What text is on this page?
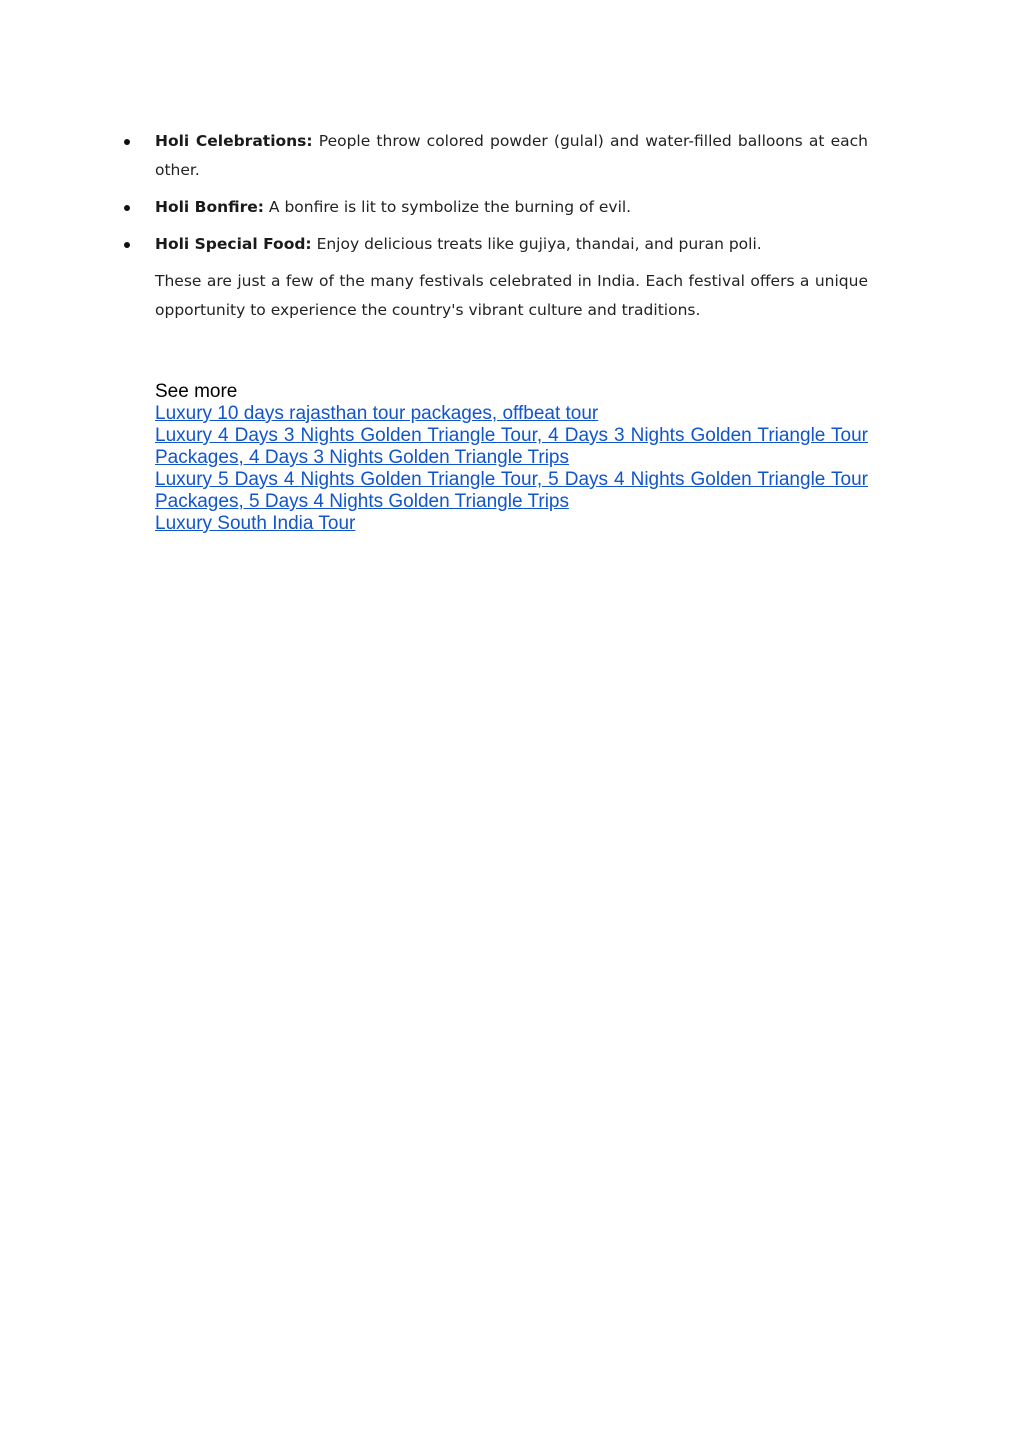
Holi Celebrations: People throw colored powder (gulal) and water-filled balloons at each other.
Holi Bonfire: A bonfire is lit to symbolize the burning of evil.
Holi Special Food: Enjoy delicious treats like gujiya, thandai, and puran poli.

These are just a few of the many festivals celebrated in India. Each festival offers a unique opportunity to experience the country's vibrant culture and traditions.

See more
Luxury 10 days rajasthan tour packages, offbeat tour
Luxury 4 Days 3 Nights Golden Triangle Tour, 4 Days 3 Nights Golden Triangle Tour Packages, 4 Days 3 Nights Golden Triangle Trips
Luxury 5 Days 4 Nights Golden Triangle Tour, 5 Days 4 Nights Golden Triangle Tour Packages, 5 Days 4 Nights Golden Triangle Trips
Luxury South India Tour
